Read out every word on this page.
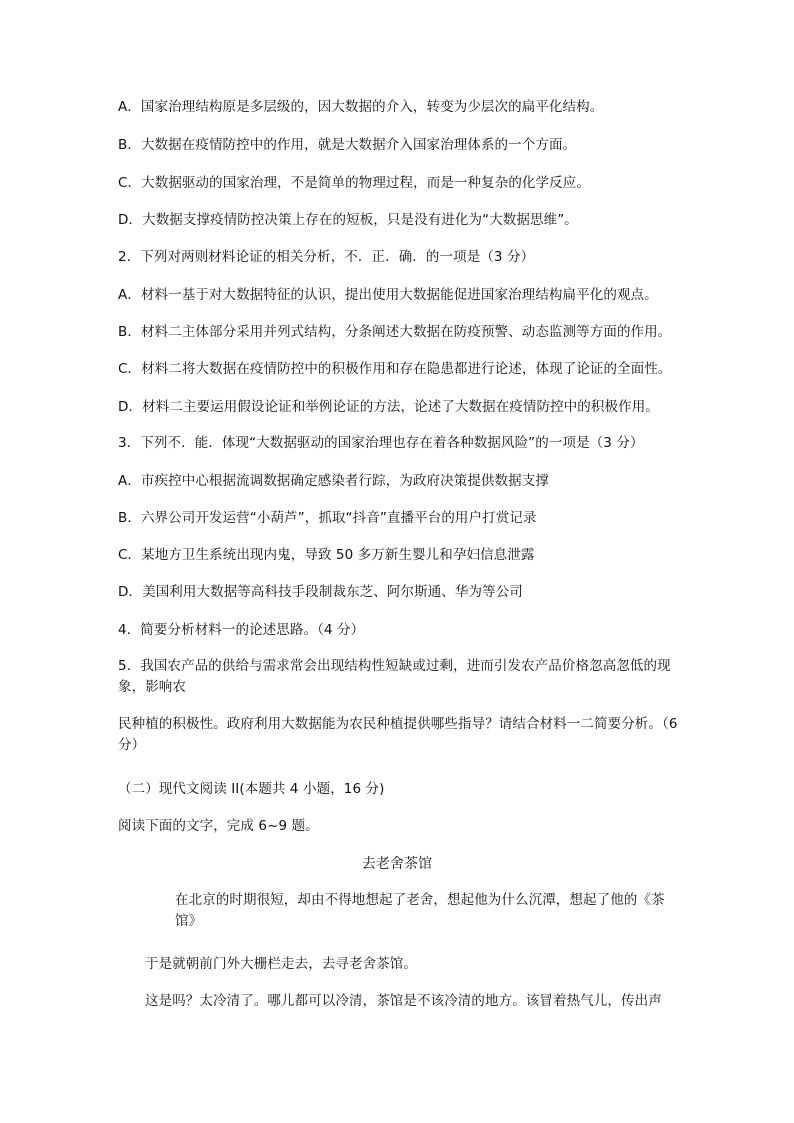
A．国家治理结构原是多层级的，因大数据的介入，转变为少层次的扁平化结构。
B．大数据在疫情防控中的作用，就是大数据介入国家治理体系的一个方面。
C．大数据驱动的国家治理，不是简单的物理过程，而是一种复杂的化学反应。
D．大数据支撑疫情防控决策上存在的短板，只是没有进化为“大数据思维”。
2．下列对两则材料论证的相关分析，不．正．确．的一项是（3 分）
A．材料一基于对大数据特征的认识，提出使用大数据能促进国家治理结构扁平化的观点。
B．材料二主体部分采用并列式结构，分条阐述大数据在防疫预警、动态监测等方面的作用。
C．材料二将大数据在疫情防控中的积极作用和存在隐患都进行论述，体现了论证的全面性。
D．材料二主要运用假设论证和举例论证的方法，论述了大数据在疫情防控中的积极作用。
3．下列不．能．体现“大数据驱动的国家治理也存在着各种数据风险”的一项是（3 分）
A．市疾控中心根据流调数据确定感染者行踪，为政府决策提供数据支撑
B．六界公司开发运营“小葫芦”，抓取“抖音”直播平台的用户打赏记录
C．某地方卫生系统出现内鬼，导致 50 多万新生婴儿和孕妇信息泄露
D．美国利用大数据等高科技手段制裁东芝、阿尔斯通、华为等公司
4．简要分析材料一的论述思路。（4 分）
5．我国农产品的供给与需求常会出现结构性短缺或过剩，进而引发农产品价格忽高忽低的现象，影响农
民种植的积极性。政府利用大数据能为农民种植提供哪些指导？请结合材料一二简要分析。（6 分）
（二）现代文阅读 II(本题共 4 小题，16 分)
阅读下面的文字，完成 6~9 题。
去老舍茶馆
在北京的时期很短，却由不得地想起了老舍，想起他为什么沉潭，想起了他的《茶馆》
于是就朝前门外大栅栏走去，去寻老舍茶馆。
这是吗？太冷清了。哪儿都可以冷清，茶馆是不该冷清的地方。该冒着热气儿，传出声
